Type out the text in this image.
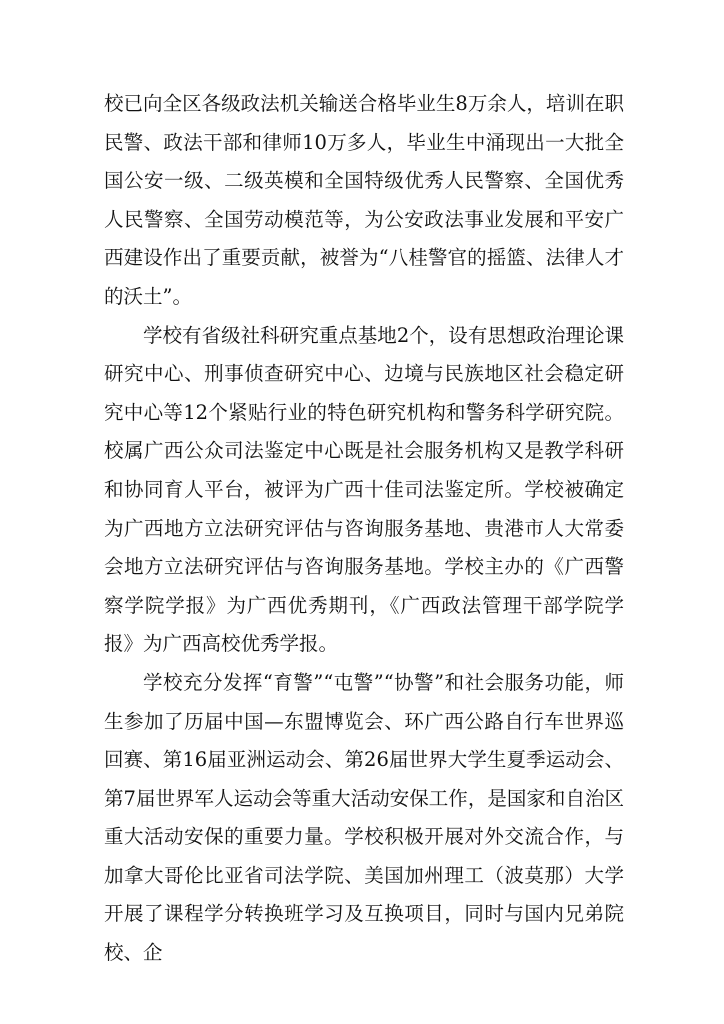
校已向全区各级政法机关输送合格毕业生8万余人，培训在职民警、政法干部和律师10万多人，毕业生中涌现出一大批全国公安一级、二级英模和全国特级优秀人民警察、全国优秀人民警察、全国劳动模范等，为公安政法事业发展和平安广西建设作出了重要贡献，被誉为“八桂警官的摇篮、法律人才的沃土”。

学校有省级社科研究重点基地2个，设有思想政治理论课研究中心、刑事侦查研究中心、边境与民族地区社会稳定研究中心等12个紧贴行业的特色研究机构和警务科学研究院。校属广西公众司法鉴定中心既是社会服务机构又是教学科研和协同育人平台，被评为广西十佳司法鉴定所。学校被确定为广西地方立法研究评估与咨询服务基地、贵港市人大常委会地方立法研究评估与咨询服务基地。学校主办的《广西警察学院学报》为广西优秀期刊，《广西政法管理干部学院学报》为广西高校优秀学报。

学校充分发挥“育警”“屯警”“协警”和社会服务功能，师生参加了历届中国—东盟博览会、环广西公路自行车世界巡回赛、第16届亚洲运动会、第26届世界大学生夏季运动会、第7届世界军人运动会等重大活动安保工作，是国家和自治区重大活动安保的重要力量。学校积极开展对外交流合作，与加拿大哥伦比亚省司法学院、美国加州理工（波莫那）大学开展了课程学分转换班学习及互换项目，同时与国内兄弟院校、企
